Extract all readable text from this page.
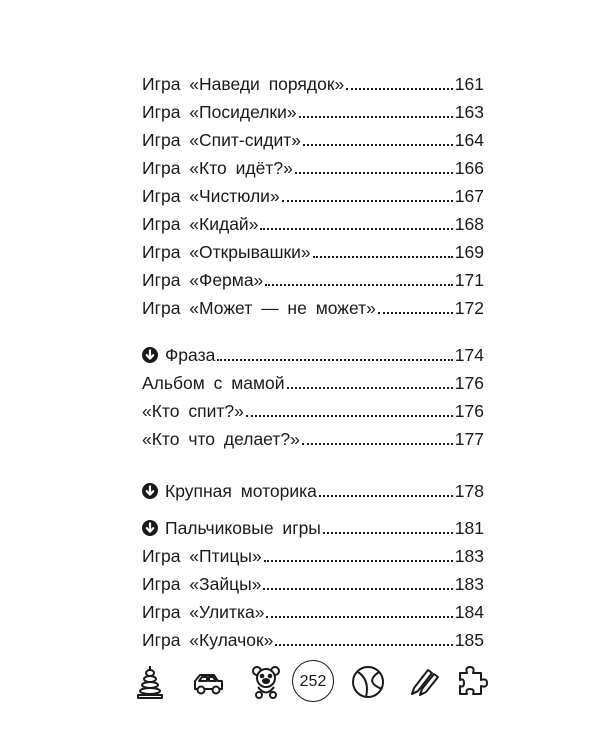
Игра «Наведи порядок»	161
Игра «Посиделки»	163
Игра «Спит-сидит»	164
Игра «Кто идёт?»	166
Игра «Чистюли»	167
Игра «Кидай»	168
Игра «Открывашки»	169
Игра «Ферма»	171
Игра «Может — не может»	172
Фраза	174
Альбом с мамой	176
«Кто спит?»	176
«Кто что делает?»	177
Крупная моторика	178
Пальчиковые игры	181
Игра «Птицы»	183
Игра «Зайцы»	183
Игра «Улитка»	184
Игра «Кулачок»	185
252
